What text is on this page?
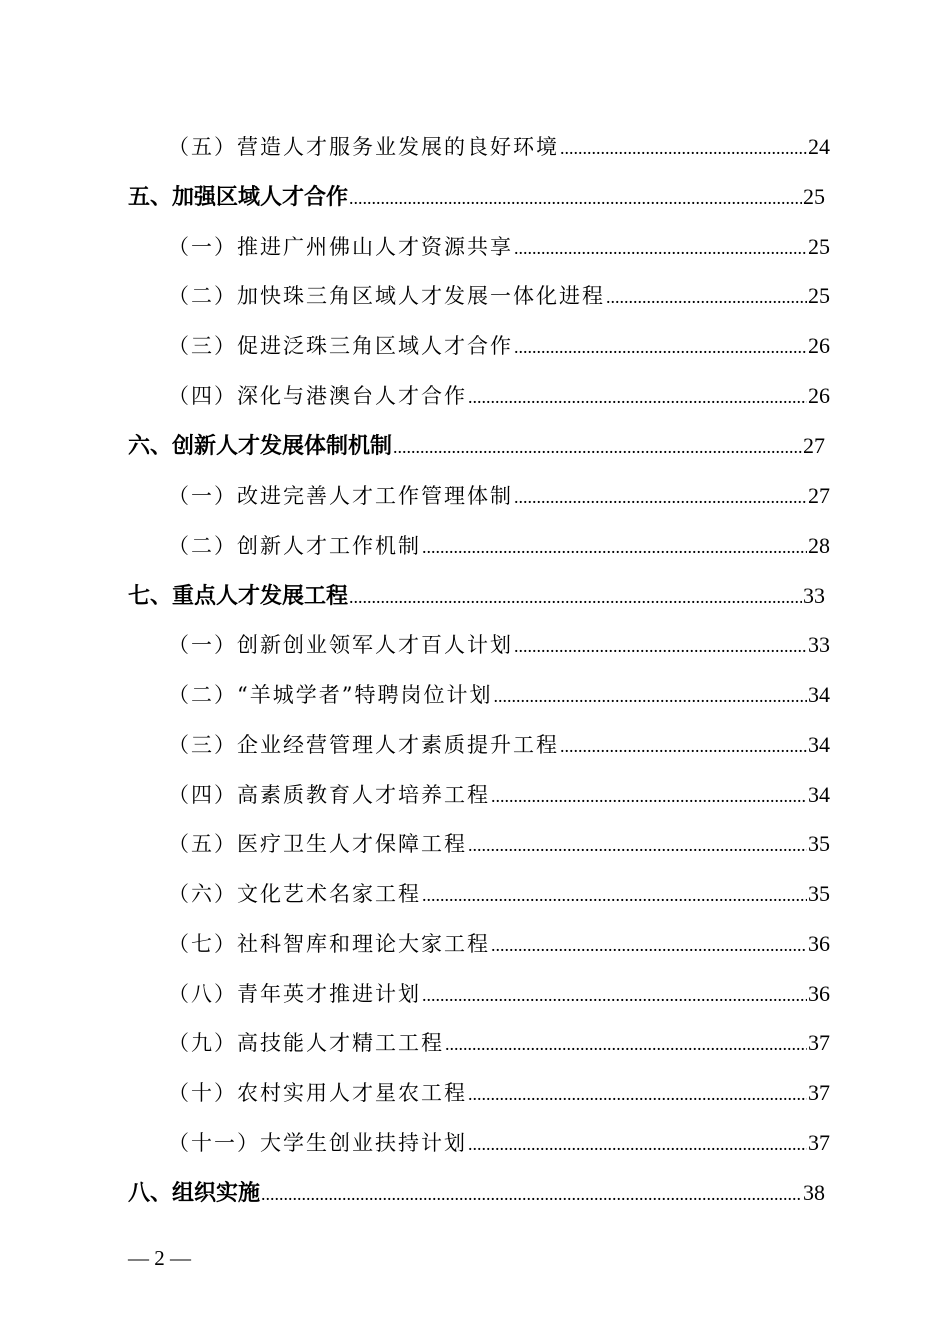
（五）营造人才服务业发展的良好环境 .....	24
五、加强区域人才合作 .....	25
（一）推进广州佛山人才资源共享 .....	25
（二）加快珠三角区域人才发展一体化进程 .....	25
（三）促进泛珠三角区域人才合作 .....	26
（四）深化与港澳台人才合作 .....	26
六、创新人才发展体制机制 .....	27
（一）改进完善人才工作管理体制 .....	27
（二）创新人才工作机制 .....	28
七、重点人才发展工程 .....	33
（一）创新创业领军人才百人计划 .....	33
（二）“羊城学者”特聘岗位计划 .....	34
（三）企业经营管理人才素质提升工程 .....	34
（四）高素质教育人才培养工程 .....	34
（五）医疗卫生人才保障工程 .....	35
（六）文化艺术名家工程 .....	35
（七）社科智库和理论大家工程 .....	36
（八）青年英才推进计划 .....	36
（九）高技能人才精工工程 .....	37
（十）农村实用人才星农工程 .....	37
（十一）大学生创业扶持计划 .....	37
八、组织实施 .....	38
— 2 —
